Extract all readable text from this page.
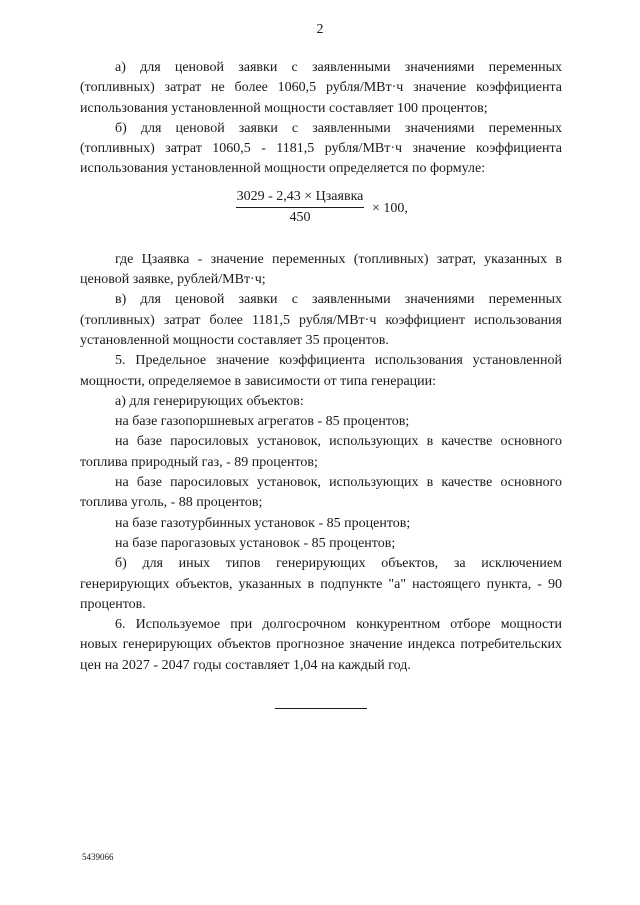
2

а) для ценовой заявки с заявленными значениями переменных (топливных) затрат не более 1060,5 рубля/МВт·ч значение коэффициента использования установленной мощности составляет 100 процентов;

б) для ценовой заявки с заявленными значениями переменных (топливных) затрат 1060,5 - 1181,5 рубля/МВт·ч значение коэффициента использования установленной мощности определяется по формуле:

3029 - 2,43 × Цзаявка
450
× 100,

где Цзаявка - значение переменных (топливных) затрат, указанных в ценовой заявке, рублей/МВт·ч;

в) для ценовой заявки с заявленными значениями переменных (топливных) затрат более 1181,5 рубля/МВт·ч коэффициент использования установленной мощности составляет 35 процентов.

5. Предельное значение коэффициента использования установленной мощности, определяемое в зависимости от типа генерации:

а) для генерирующих объектов:

на базе газопоршневых агрегатов - 85 процентов;

на базе паросиловых установок, использующих в качестве основного топлива природный газ, - 89 процентов;

на базе паросиловых установок, использующих в качестве основного топлива уголь, - 88 процентов;

на базе газотурбинных установок - 85 процентов;

на базе парогазовых установок - 85 процентов;

б) для иных типов генерирующих объектов, за исключением генерирующих объектов, указанных в подпункте "а" настоящего пункта, - 90 процентов.

6. Используемое при долгосрочном конкурентном отборе мощности новых генерирующих объектов прогнозное значение индекса потребительских цен на 2027 - 2047 годы составляет 1,04 на каждый год.

5439066
